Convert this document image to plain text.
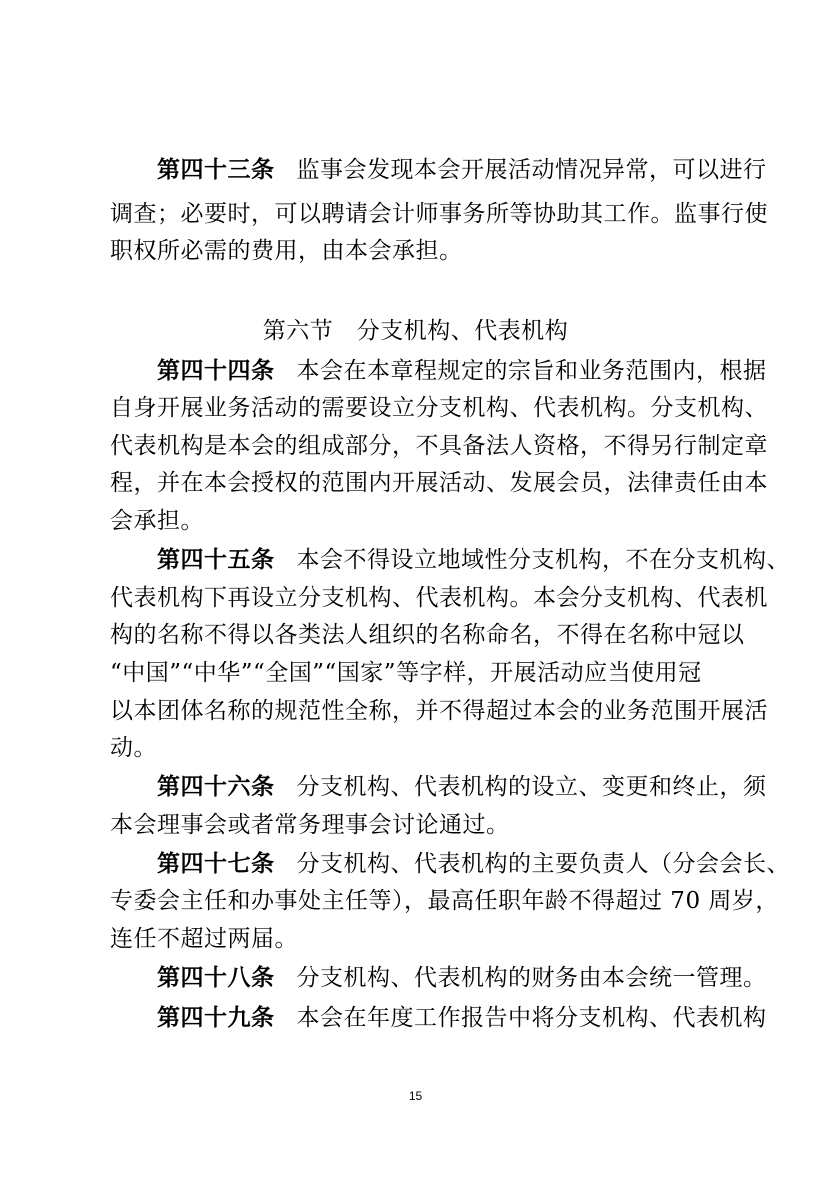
第四十三条 监事会发现本会开展活动情况异常，可以进行
调查；必要时，可以聘请会计师事务所等协助其工作。监事行使
职权所必需的费用，由本会承担。
第六节　分支机构、代表机构
第四十四条 本会在本章程规定的宗旨和业务范围内，根据
自身开展业务活动的需要设立分支机构、代表机构。分支机构、
代表机构是本会的组成部分，不具备法人资格，不得另行制定章
程，并在本会授权的范围内开展活动、发展会员，法律责任由本
会承担。
第四十五条 本会不得设立地域性分支机构，不在分支机构、
代表机构下再设立分支机构、代表机构。本会分支机构、代表机
构的名称不得以各类法人组织的名称命名，不得在名称中冠以
“中国”“中华”“全国”“国家”等字样，开展活动应当使用冠
以本团体名称的规范性全称，并不得超过本会的业务范围开展活
动。
第四十六条 分支机构、代表机构的设立、变更和终止，须
本会理事会或者常务理事会讨论通过。
第四十七条 分支机构、代表机构的主要负责人（分会会长、
专委会主任和办事处主任等），最高任职年龄不得超过 70 周岁，
连任不超过两届。
第四十八条 分支机构、代表机构的财务由本会统一管理。
第四十九条 本会在年度工作报告中将分支机构、代表机构
15
